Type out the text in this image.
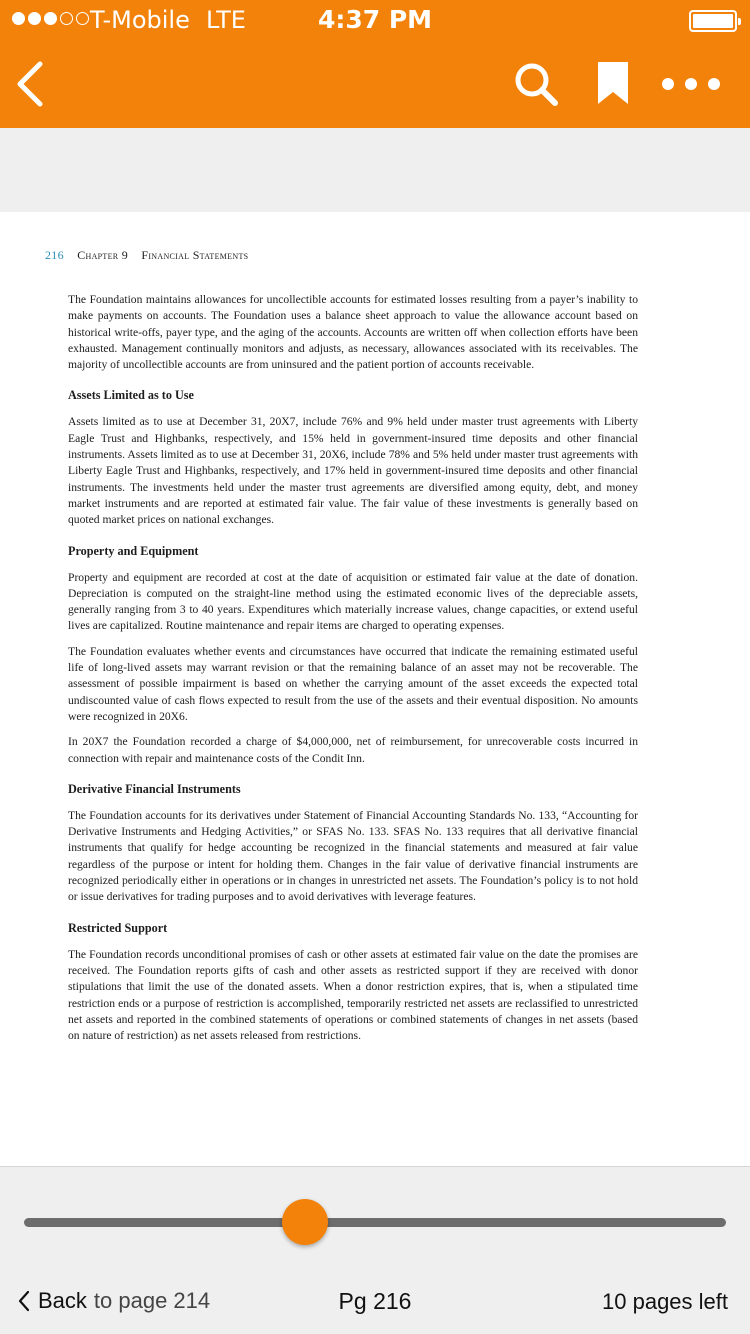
T-Mobile LTE	4:37 PM
216 Chapter 9 Financial Statements

The Foundation maintains allowances for uncollectible accounts for estimated losses resulting from a payer’s inability to make payments on accounts. The Foundation uses a balance sheet approach to value the allowance account based on historical write-offs, payer type, and the aging of the accounts. Accounts are written off when collection efforts have been exhausted. Management continually monitors and adjusts, as necessary, allowances associated with its receivables. The majority of uncollectible accounts are from uninsured and the patient portion of accounts receivable.

Assets Limited as to Use

Assets limited as to use at December 31, 20X7, include 76% and 9% held under master trust agreements with Liberty Eagle Trust and Highbanks, respectively, and 15% held in government-insured time deposits and other financial instruments. Assets limited as to use at December 31, 20X6, include 78% and 5% held under master trust agreements with Liberty Eagle Trust and Highbanks, respectively, and 17% held in government-insured time deposits and other financial instruments. The investments held under the master trust agreements are diversified among equity, debt, and money market instruments and are reported at estimated fair value. The fair value of these investments is generally based on quoted market prices on national exchanges.

Property and Equipment

Property and equipment are recorded at cost at the date of acquisition or estimated fair value at the date of donation. Depreciation is computed on the straight-line method using the estimated economic lives of the depreciable assets, generally ranging from 3 to 40 years. Expenditures which materially increase values, change capacities, or extend useful lives are capitalized. Routine maintenance and repair items are charged to operating expenses.

The Foundation evaluates whether events and circumstances have occurred that indicate the remaining estimated useful life of long-lived assets may warrant revision or that the remaining balance of an asset may not be recoverable. The assessment of possible impairment is based on whether the carrying amount of the asset exceeds the expected total undiscounted value of cash flows expected to result from the use of the assets and their eventual disposition. No amounts were recognized in 20X6.

In 20X7 the Foundation recorded a charge of $4,000,000, net of reimbursement, for unrecoverable costs incurred in connection with repair and maintenance costs of the Condit Inn.

Derivative Financial Instruments

The Foundation accounts for its derivatives under Statement of Financial Accounting Standards No. 133, “Accounting for Derivative Instruments and Hedging Activities,” or SFAS No. 133. SFAS No. 133 requires that all derivative financial instruments that qualify for hedge accounting be recognized in the financial statements and measured at fair value regardless of the purpose or intent for holding them. Changes in the fair value of derivative financial instruments are recognized periodically either in operations or in changes in unrestricted net assets. The Foundation’s policy is to not hold or issue derivatives for trading purposes and to avoid derivatives with leverage features.

Restricted Support

The Foundation records unconditional promises of cash or other assets at estimated fair value on the date the promises are received. The Foundation reports gifts of cash and other assets as restricted support if they are received with donor stipulations that limit the use of the donated assets. When a donor restriction expires, that is, when a stipulated time restriction ends or a purpose of restriction is accomplished, temporarily restricted net assets are reclassified to unrestricted net assets and reported in the combined statements of operations or combined statements of changes in net assets (based on nature of restriction) as net assets released from restrictions.

Back to page 214	Pg 216	10 pages left
